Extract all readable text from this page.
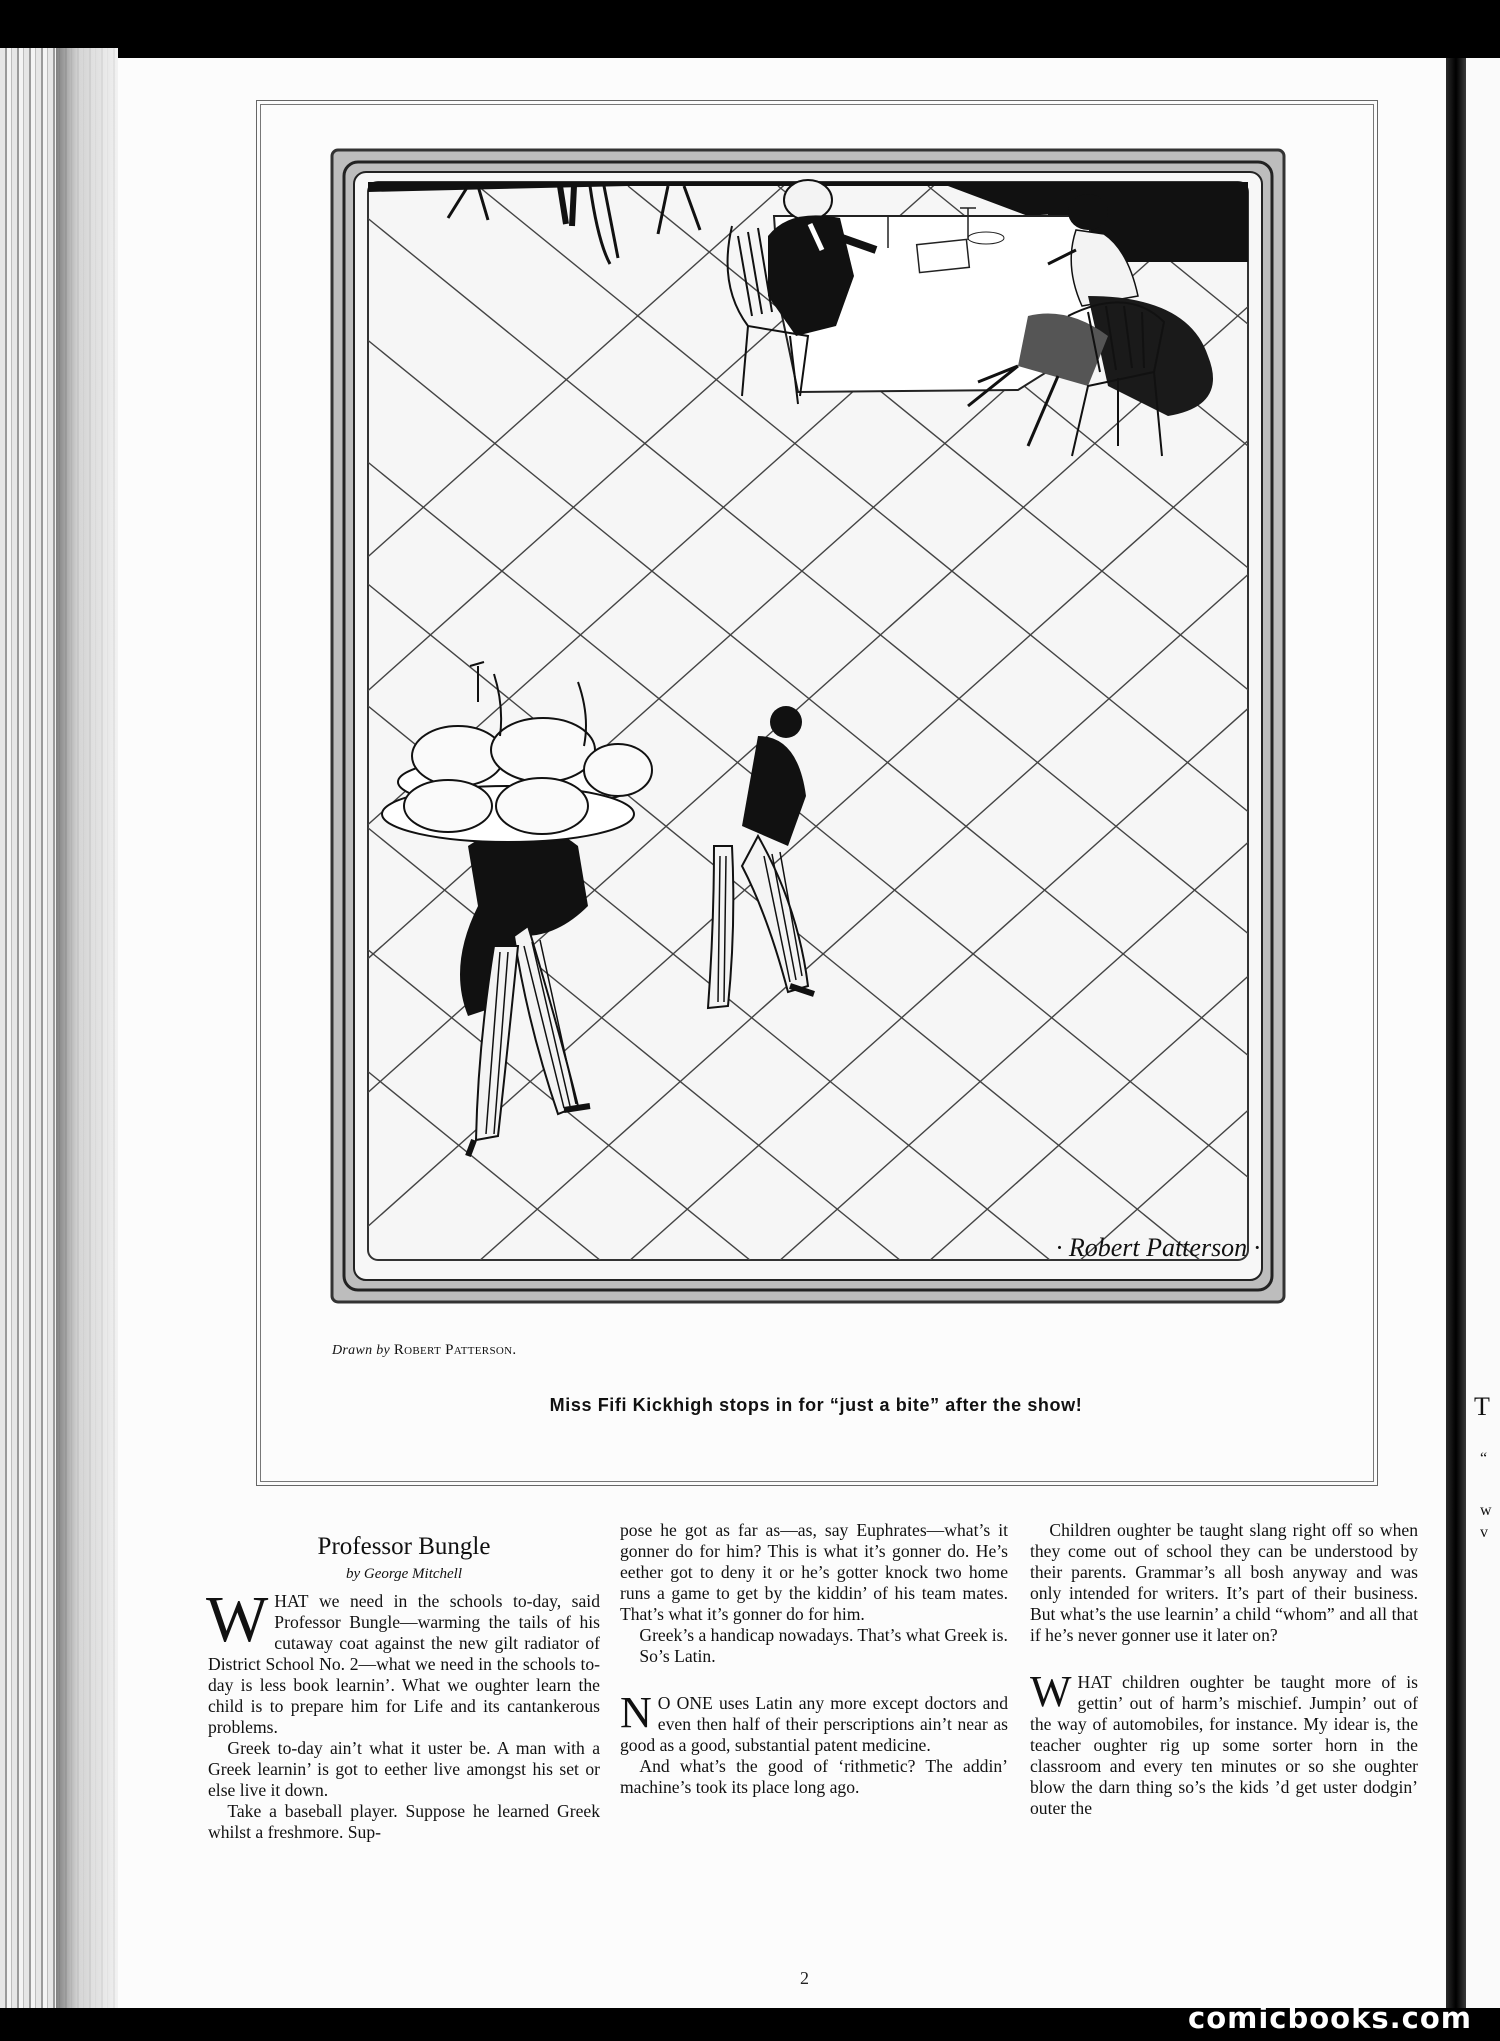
T
“
w
v
· Robert Patterson ·
Drawn by Robert Patterson.
Miss Fifi Kickhigh stops in for “just a bite” after the show!
Professor Bungle
by George Mitchell

WHAT we need in the schools to-day, said Professor Bungle—warming the tails of his cutaway coat against the new gilt radiator of District School No. 2—what we need in the schools to-day is less book learnin’. What we oughter learn the child is to prepare him for Life and its cantankerous problems.

Greek to-day ain’t what it uster be. A man with a Greek learnin’ is got to eether live amongst his set or else live it down.

Take a baseball player. Suppose he learned Greek whilst a freshmore. Sup-

pose he got as far as—as, say Euphrates—what’s it gonner do for him? This is what it’s gonner do. He’s eether got to deny it or he’s gotter knock two home runs a game to get by the kiddin’ of his team mates. That’s what it’s gonner do for him.

Greek’s a handicap nowadays. That’s what Greek is.

So’s Latin.

N O ONE uses Latin any more except doctors and even then half of their perscriptions ain’t near as good as a good, substantial patent medicine.

And what’s the good of ‘rithmetic? The addin’ machine’s took its place long ago.

Children oughter be taught slang right off so when they come out of school they can be understood by their parents. Grammar’s all bosh anyway and was only intended for writers. It’s part of their business. But what’s the use learnin’ a child “whom” and all that if he’s never gonner use it later on?

WHAT children oughter be taught more of is gettin’ out of harm’s mischief. Jumpin’ out of the way of automobiles, for instance. My idear is, the teacher oughter rig up some sorter horn in the classroom and every ten minutes or so she oughter blow the darn thing so’s the kids ’d get uster dodgin’ outer the

2
comicbooks.com
